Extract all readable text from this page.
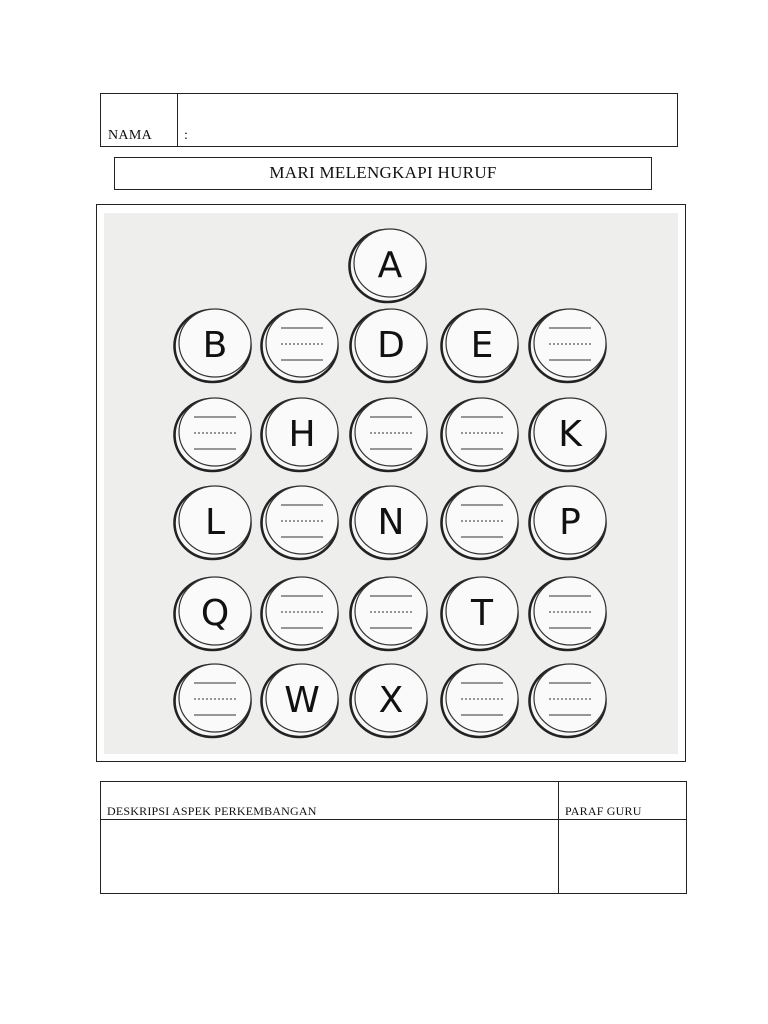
NAMA :
MARI MELENGKAPI HURUF
A
B	D E
H	K
L	N	P
Q	T
W X
DESKRIPSI ASPEK PERKEMBANGAN	PARAF GURU
